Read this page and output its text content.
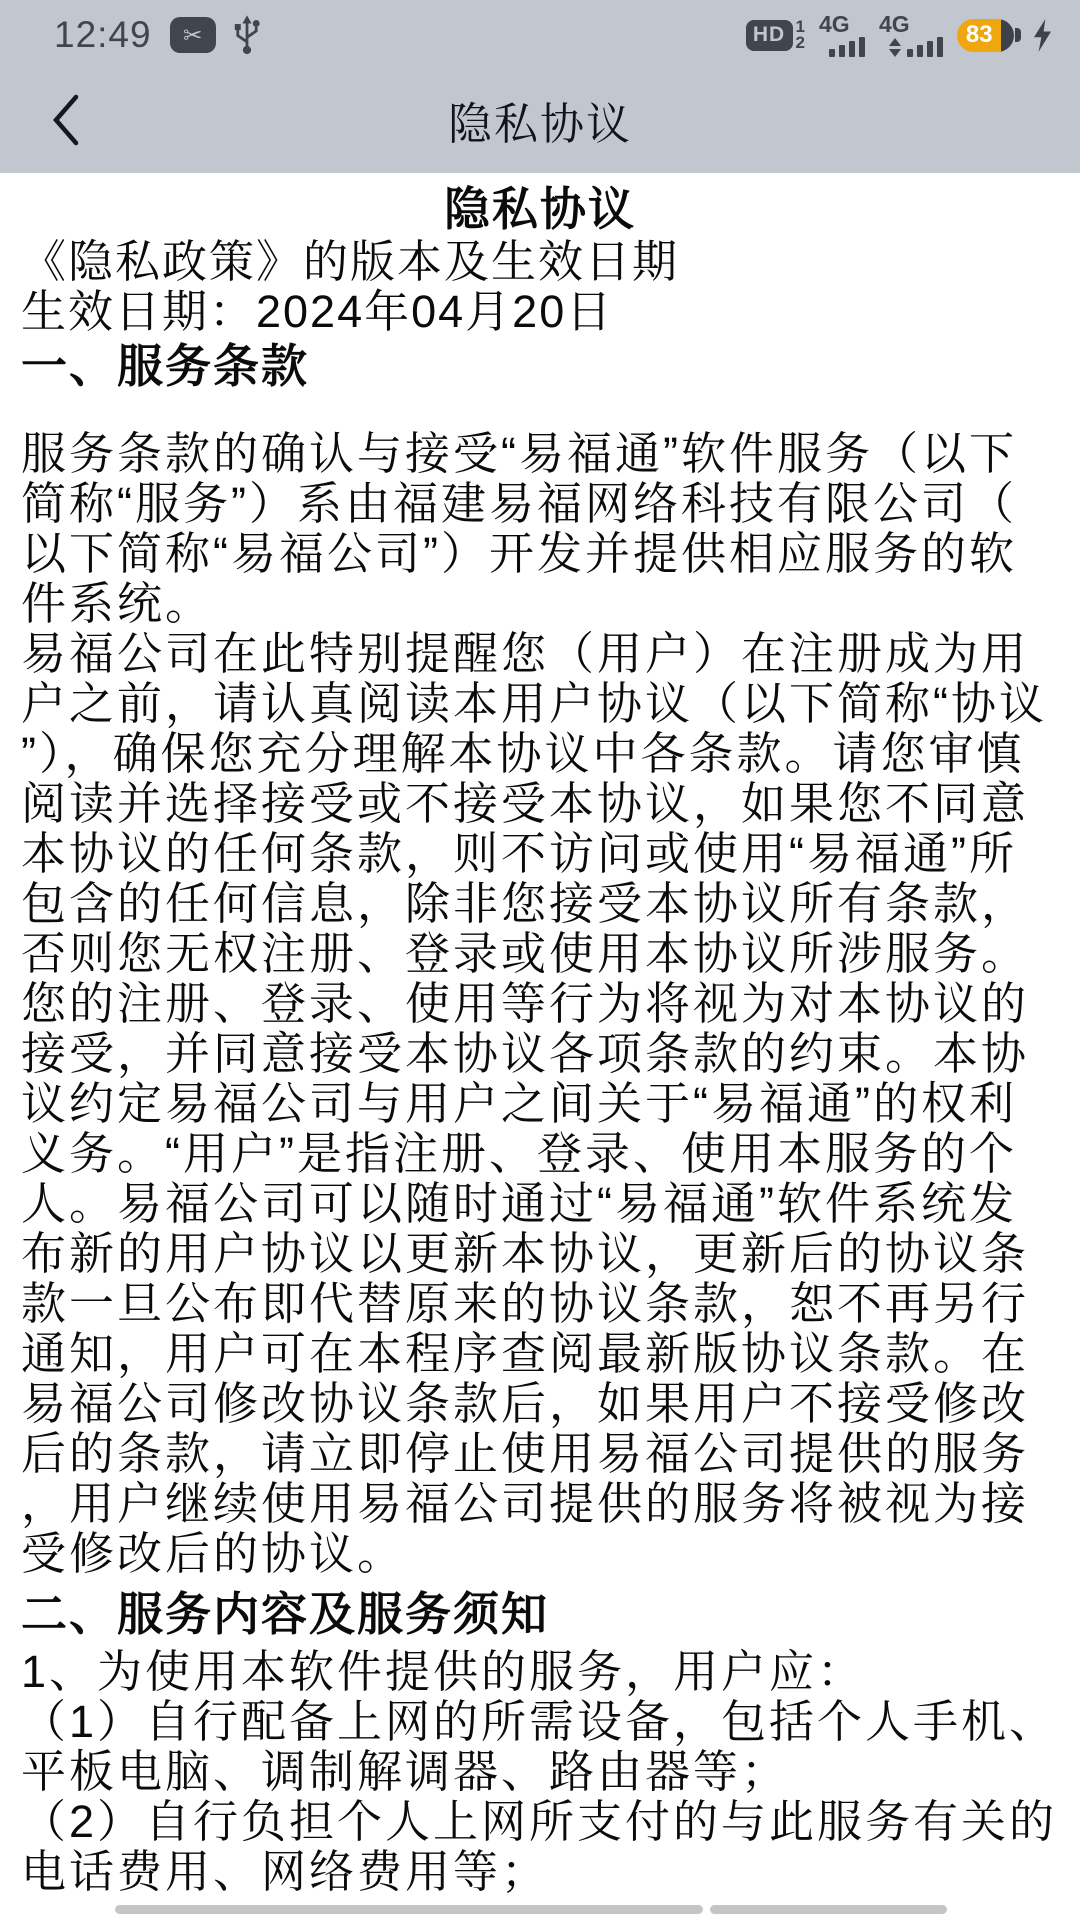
12:49 ✂	HD 1
2
4G 4G	83
隐私协议
隐私协议
《隐私政策》的版本及生效日期
生效日期：2024年04月20日
一、服务条款
服务条款的确认与接受“易福通”软件服务（以下简称“服务”）系由福建易福网络科技有限公司（以下简称“易福公司”）开发并提供相应服务的软件系统。
易福公司在此特别提醒您（用户）在注册成为用户之前，请认真阅读本用户协议（以下简称“协议”），确保您充分理解本协议中各条款。请您审慎阅读并选择接受或不接受本协议，如果您不同意本协议的任何条款，则不访问或使用“易福通”所包含的任何信息，除非您接受本协议所有条款，否则您无权注册、登录或使用本协议所涉服务。您的注册、登录、使用等行为将视为对本协议的接受，并同意接受本协议各项条款的约束。本协议约定易福公司与用户之间关于“易福通”的权利义务。“用户”是指注册、登录、使用本服务的个人。易福公司可以随时通过“易福通”软件系统发布新的用户协议以更新本协议，更新后的协议条款一旦公布即代替原来的协议条款，恕不再另行通知，用户可在本程序查阅最新版协议条款。在易福公司修改协议条款后，如果用户不接受修改后的条款，请立即停止使用易福公司提供的服务，用户继续使用易福公司提供的服务将被视为接受修改后的协议。
二、服务内容及服务须知
1、为使用本软件提供的服务，用户应：
（1）自行配备上网的所需设备，包括个人手机、平板电脑、调制解调器、路由器等；
（2）自行负担个人上网所支付的与此服务有关的电话费用、网络费用等；
